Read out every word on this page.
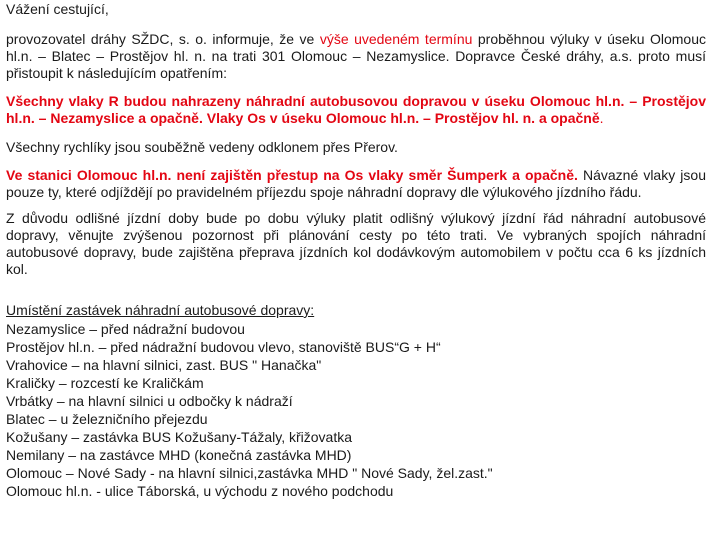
Vážení cestující,

provozovatel dráhy SŽDC, s. o. informuje, že ve výše uvedeném termínu proběhnou výluky v úseku Olomouc hl.n. – Blatec – Prostějov hl. n. na trati 301 Olomouc – Nezamyslice. Dopravce České dráhy, a.s. proto musí přistoupit k následujícím opatřením:

Všechny vlaky R budou nahrazeny náhradní autobusovou dopravou v úseku Olomouc hl.n. – Prostějov hl.n. – Nezamyslice a opačně. Vlaky Os v úseku Olomouc hl.n. – Prostějov hl. n. a opačně.

Všechny rychlíky jsou souběžně vedeny odklonem přes Přerov.

Ve stanici Olomouc hl.n. není zajištěn přestup na Os vlaky směr Šumperk a opačně. Návazné vlaky jsou pouze ty, které odjíždějí po pravidelném příjezdu spoje náhradní dopravy dle výlukového jízdního řádu.

Z důvodu odlišné jízdní doby bude po dobu výluky platit odlišný výlukový jízdní řád náhradní autobusové dopravy, věnujte zvýšenou pozornost při plánování cesty po této trati. Ve vybraných spojích náhradní autobusové dopravy, bude zajištěna přeprava jízdních kol dodávkovým automobilem v počtu cca 6 ks jízdních kol.

Umístění zastávek náhradní autobusové dopravy:

Nezamyslice – před nádražní budovou
Prostějov hl.n. – před nádražní budovou vlevo, stanoviště BUS“G + H“
Vrahovice – na hlavní silnici, zast. BUS " Hanačka"
Kraličky – rozcestí ke Kraličkám
Vrbátky – na hlavní silnici u odbočky k nádraží
Blatec – u železničního přejezdu
Kožušany – zastávka BUS Kožušany-Tážaly, křižovatka
Nemilany – na zastávce MHD (konečná zastávka MHD)
Olomouc – Nové Sady - na hlavní silnici,zastávka MHD " Nové Sady, žel.zast."
Olomouc hl.n. - ulice Táborská, u východu z nového podchodu
